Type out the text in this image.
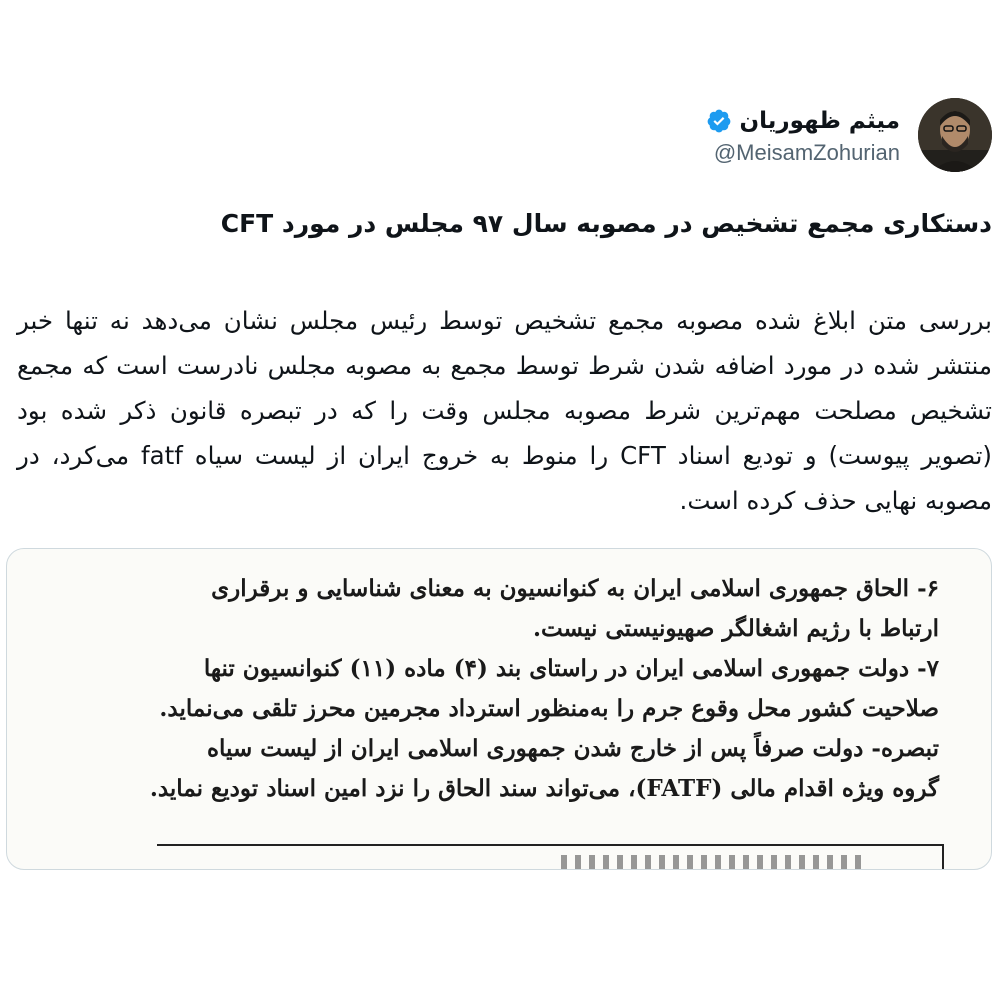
میثم ظهوریان
@MeisamZohurian
دستکاری مجمع تشخیص در مصوبه سال ۹۷ مجلس در مورد CFT
بررسی متن ابلاغ شده مصوبه مجمع تشخیص توسط رئیس مجلس نشان می‌دهد نه تنها خبر منتشر شده در مورد اضافه شدن شرط توسط مجمع به مصوبه مجلس نادرست است که مجمع تشخیص مصلحت مهم‌ترین شرط مصوبه مجلس وقت را که در تبصره قانون ذکر شده بود (تصویر پیوست) و تودیع اسناد CFT را منوط به خروج ایران از لیست سیاه fatf می‌کرد، در مصوبه نهایی حذف کرده است.
۶- الحاق جمهوری اسلامی ایران به کنوانسیون به معنای شناسایی و برقراری
ارتباط با رژیم اشغالگر صهیونیستی نیست.
۷- دولت جمهوری اسلامی ایران در راستای بند (۴) ماده (۱۱) کنوانسیون تنها
صلاحیت کشور محل وقوع جرم را به‌منظور استرداد مجرمین محرز تلقی می‌نماید.
تبصره- دولت صرفاً پس از خارج شدن جمهوری اسلامی ایران از لیست سیاه
گروه ویژه اقدام مالی (FATF)، می‌تواند سند الحاق را نزد امین اسناد تودیع نماید.
